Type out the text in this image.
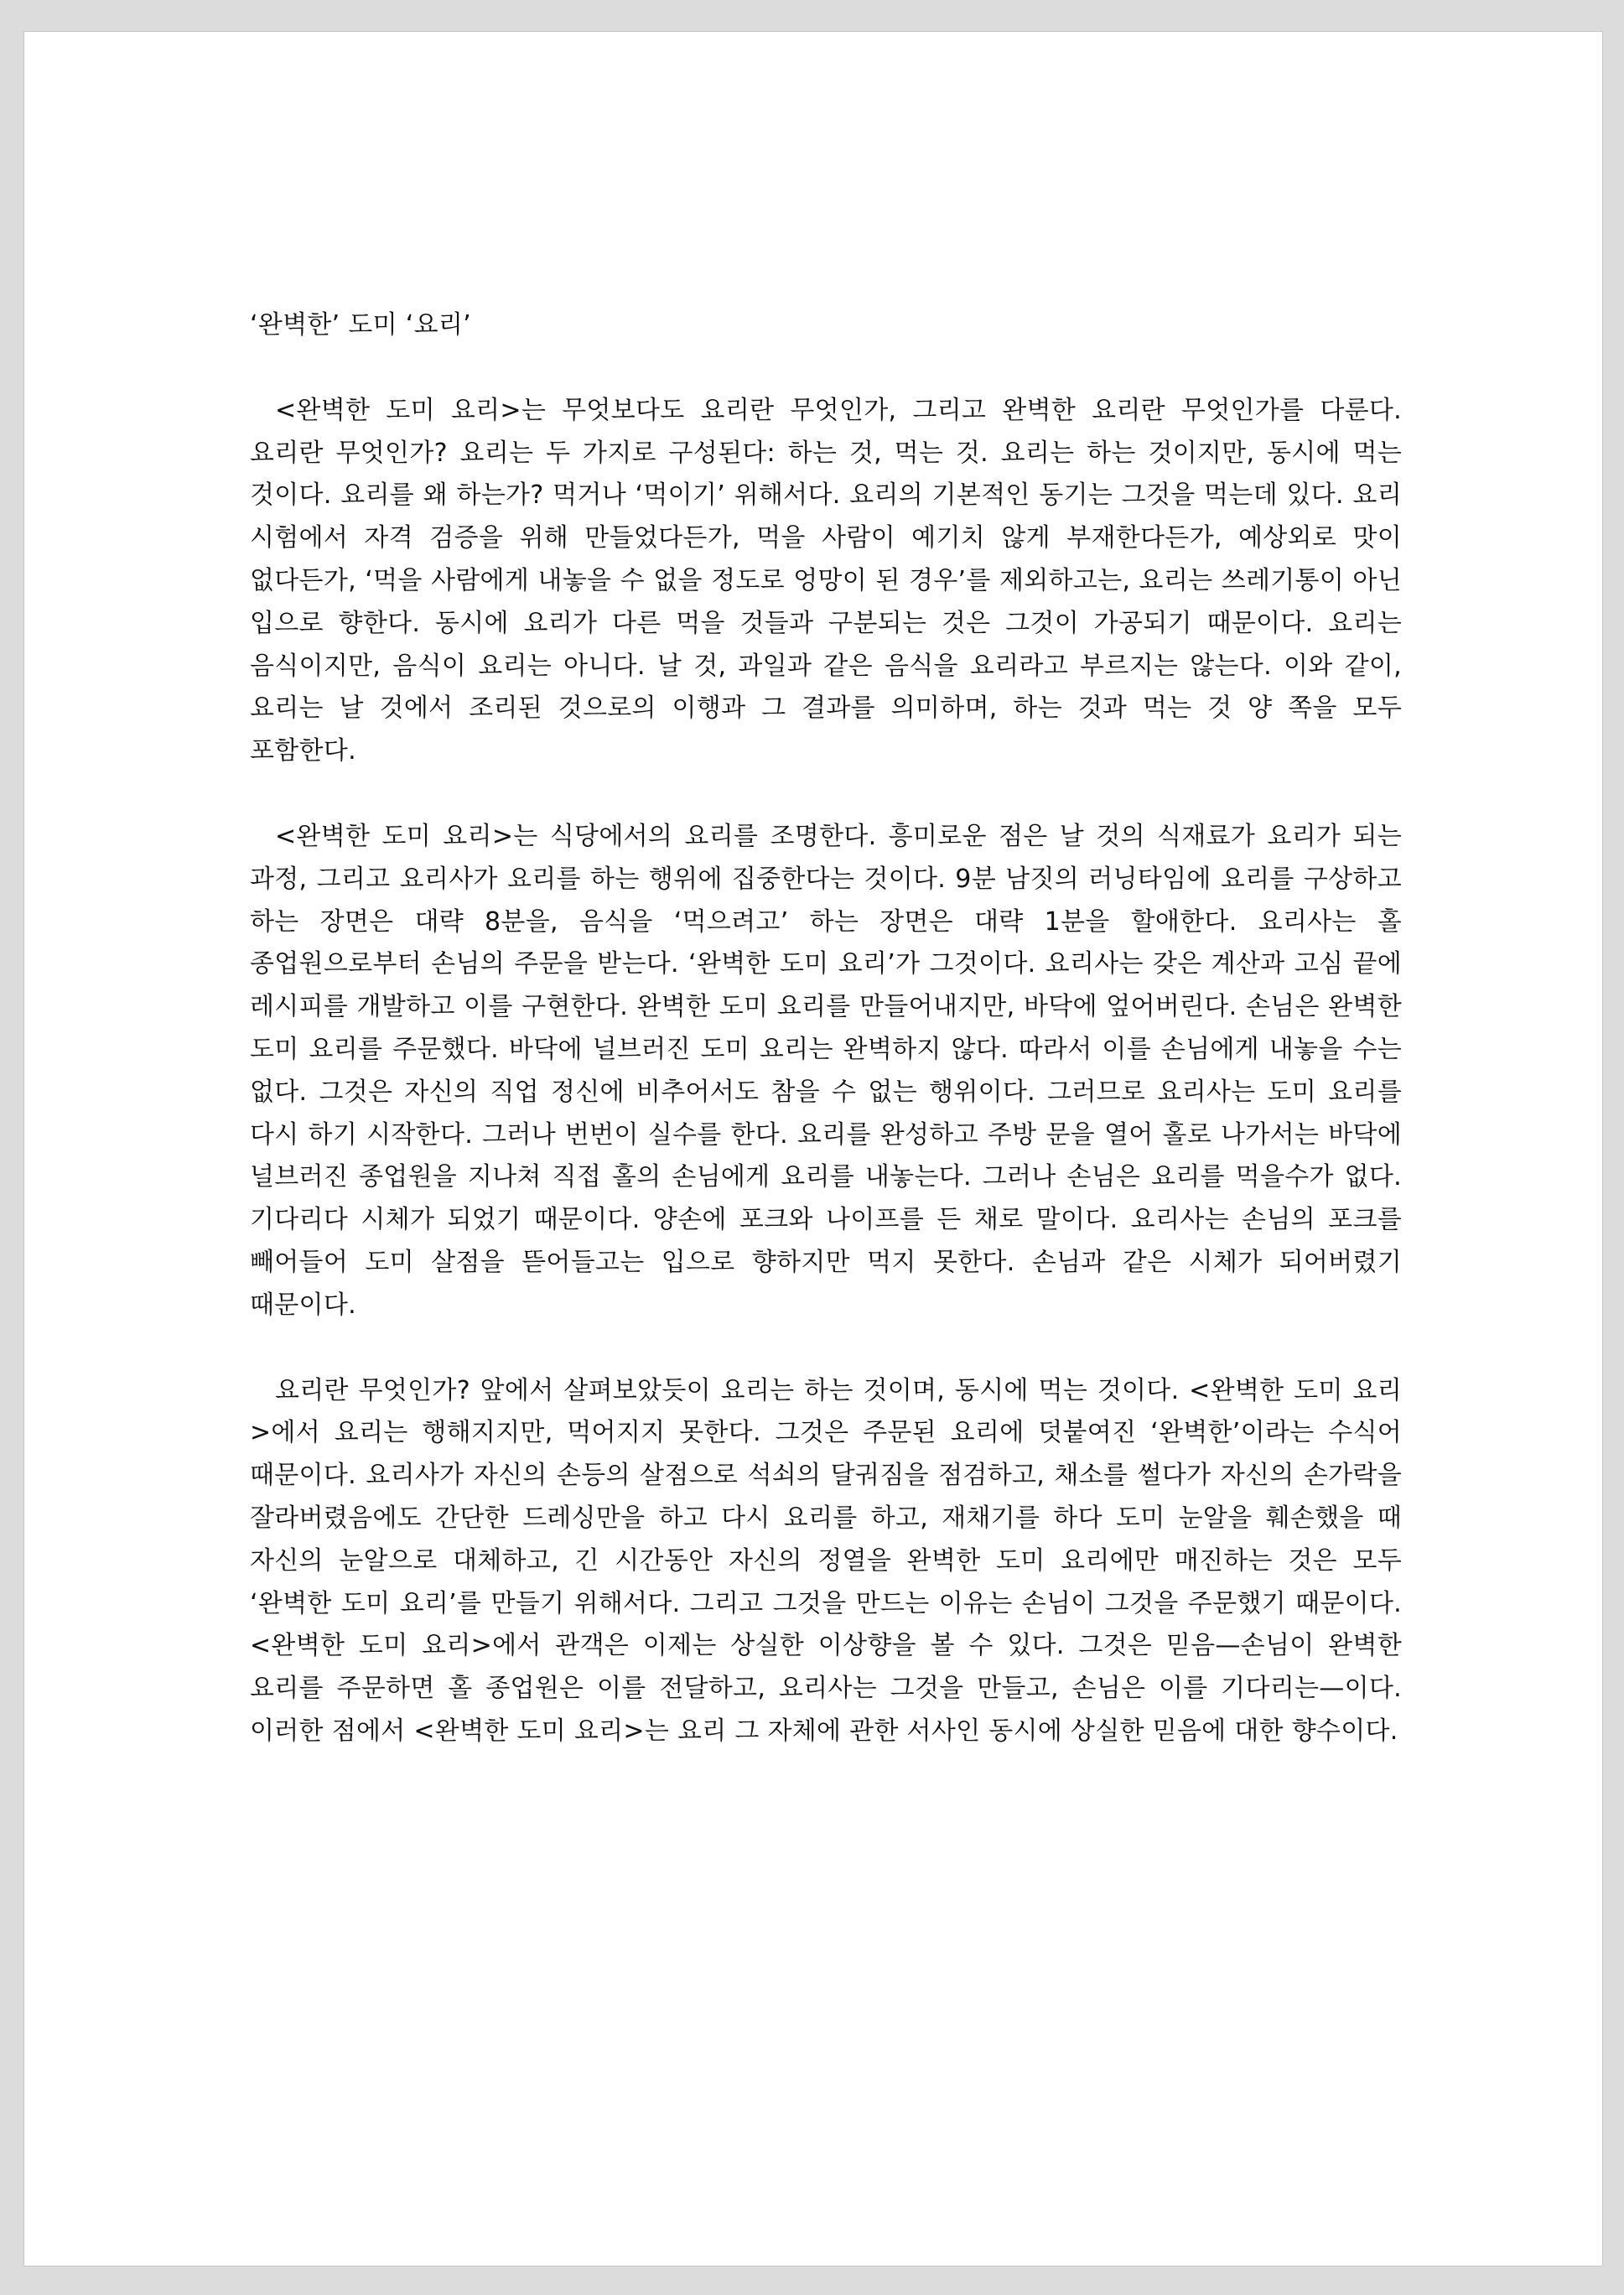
‘완벽한’ 도미 ‘요리’

<완벽한 도미 요리>는 무엇보다도 요리란 무엇인가, 그리고 완벽한 요리란 무엇인가를 다룬다. 요리란 무엇인가? 요리는 두 가지로 구성된다: 하는 것, 먹는 것. 요리는 하는 것이지만, 동시에 먹는 것이다. 요리를 왜 하는가? 먹거나 ‘먹이기’ 위해서다. 요리의 기본적인 동기는 그것을 먹는데 있다. 요리 시험에서 자격 검증을 위해 만들었다든가, 먹을 사람이 예기치 않게 부재한다든가, 예상외로 맛이 없다든가, ‘먹을 사람에게 내놓을 수 없을 정도로 엉망이 된 경우’를 제외하고는, 요리는 쓰레기통이 아닌 입으로 향한다. 동시에 요리가 다른 먹을 것들과 구분되는 것은 그것이 가공되기 때문이다. 요리는 음식이지만, 음식이 요리는 아니다. 날 것, 과일과 같은 음식을 요리라고 부르지는 않는다. 이와 같이, 요리는 날 것에서 조리된 것으로의 이행과 그 결과를 의미하며, 하는 것과 먹는 것 양 쪽을 모두 포함한다.

<완벽한 도미 요리>는 식당에서의 요리를 조명한다. 흥미로운 점은 날 것의 식재료가 요리가 되는 과정, 그리고 요리사가 요리를 하는 행위에 집중한다는 것이다. 9분 남짓의 러닝타임에 요리를 구상하고 하는 장면은 대략 8분을, 음식을 ‘먹으려고’ 하는 장면은 대략 1분을 할애한다. 요리사는 홀 종업원으로부터 손님의 주문을 받는다. ‘완벽한 도미 요리’가 그것이다. 요리사는 갖은 계산과 고심 끝에 레시피를 개발하고 이를 구현한다. 완벽한 도미 요리를 만들어내지만, 바닥에 엎어버린다. 손님은 완벽한 도미 요리를 주문했다. 바닥에 널브러진 도미 요리는 완벽하지 않다. 따라서 이를 손님에게 내놓을 수는 없다. 그것은 자신의 직업 정신에 비추어서도 참을 수 없는 행위이다. 그러므로 요리사는 도미 요리를 다시 하기 시작한다. 그러나 번번이 실수를 한다. 요리를 완성하고 주방 문을 열어 홀로 나가서는 바닥에 널브러진 종업원을 지나쳐 직접 홀의 손님에게 요리를 내놓는다. 그러나 손님은 요리를 먹을수가 없다. 기다리다 시체가 되었기 때문이다. 양손에 포크와 나이프를 든 채로 말이다. 요리사는 손님의 포크를 빼어들어 도미 살점을 뜯어들고는 입으로 향하지만 먹지 못한다. 손님과 같은 시체가 되어버렸기 때문이다.

요리란 무엇인가? 앞에서 살펴보았듯이 요리는 하는 것이며, 동시에 먹는 것이다. <완벽한 도미 요리>에서 요리는 행해지지만, 먹어지지 못한다. 그것은 주문된 요리에 덧붙여진 ‘완벽한’이라는 수식어 때문이다. 요리사가 자신의 손등의 살점으로 석쇠의 달궈짐을 점검하고, 채소를 썰다가 자신의 손가락을 잘라버렸음에도 간단한 드레싱만을 하고 다시 요리를 하고, 재채기를 하다 도미 눈알을 훼손했을 때 자신의 눈알으로 대체하고, 긴 시간동안 자신의 정열을 완벽한 도미 요리에만 매진하는 것은 모두 ‘완벽한 도미 요리’를 만들기 위해서다. 그리고 그것을 만드는 이유는 손님이 그것을 주문했기 때문이다. <완벽한 도미 요리>에서 관객은 이제는 상실한 이상향을 볼 수 있다. 그것은 믿음—손님이 완벽한 요리를 주문하면 홀 종업원은 이를 전달하고, 요리사는 그것을 만들고, 손님은 이를 기다리는—이다. 이러한 점에서 <완벽한 도미 요리>는 요리 그 자체에 관한 서사인 동시에 상실한 믿음에 대한 향수이다.
